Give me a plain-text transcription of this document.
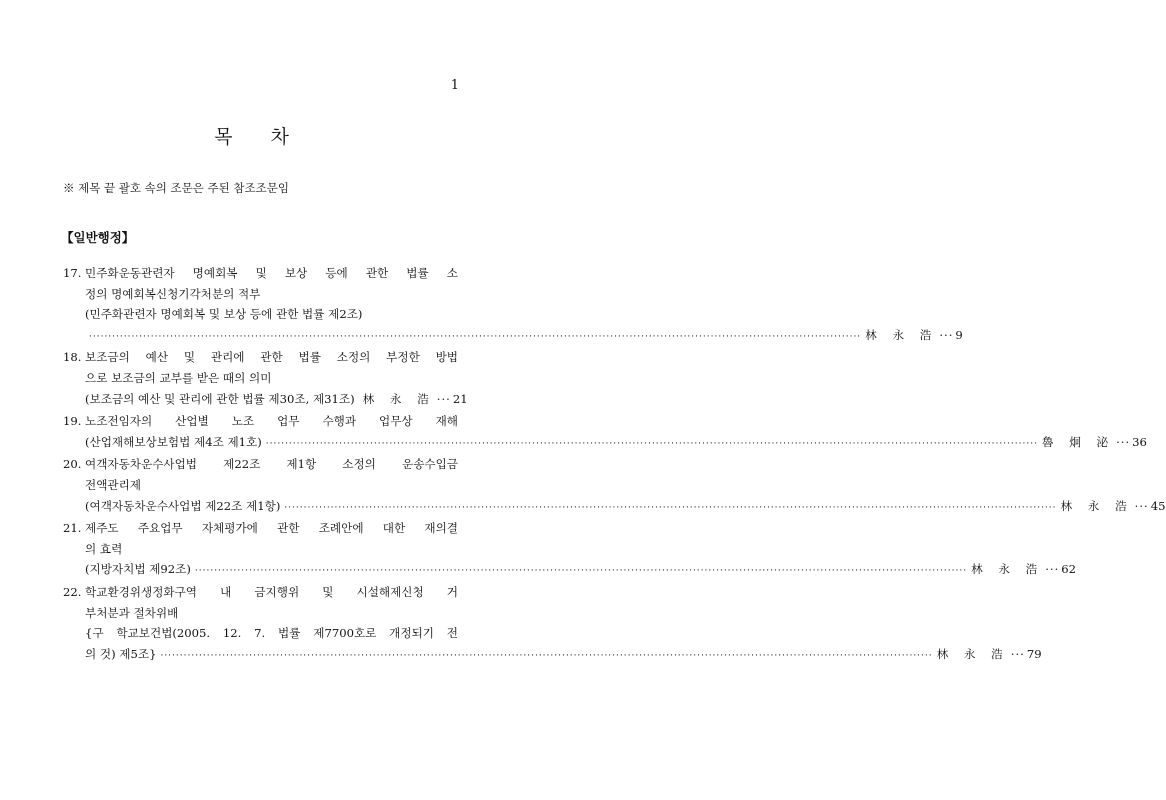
1
목 차
※ 제목 끝 괄호 속의 조문은 주된 참조조문임
【일반행정】
17. 민주화운동관련자 명예회복 및 보상 등에 관한 법률 소
정의 명예회복신청기각처분의 적부
(민주화관련자 명예회복 및 보상 등에 관한 법률 제2조)
········································································································································································································ 林 永 浩 ··· 9
18. 보조금의 예산 및 관리에 관한 법률 소정의 부정한 방법
으로 보조금의 교부를 받은 때의 의미
(보조금의 예산 및 관리에 관한 법률 제30조, 제31조) 林 永 浩 ··· 21
19. 노조전임자의 산업별 노조 업무 수행과 업무상 재해
(산업재해보상보험법 제4조 제1호) ········································································································································································································ 魯 炯 泌 ··· 36
20. 여객자동차운수사업법 제22조 제1항 소정의 운송수입금
전액관리제
(여객자동차운수사업법 제22조 제1항) ········································································································································································································ 林 永 浩 ··· 45
21. 제주도 주요업무 자체평가에 관한 조례안에 대한 재의결
의 효력
(지방자치법 제92조) ········································································································································································································ 林 永 浩 ··· 62
22. 학교환경위생정화구역 내 금지행위 및 시설해제신청 거
부처분과 절차위배
{구 학교보건법(2005. 12. 7. 법률 제7700호로 개정되기 전
의 것) 제5조} ········································································································································································································ 林 永 浩 ··· 79
